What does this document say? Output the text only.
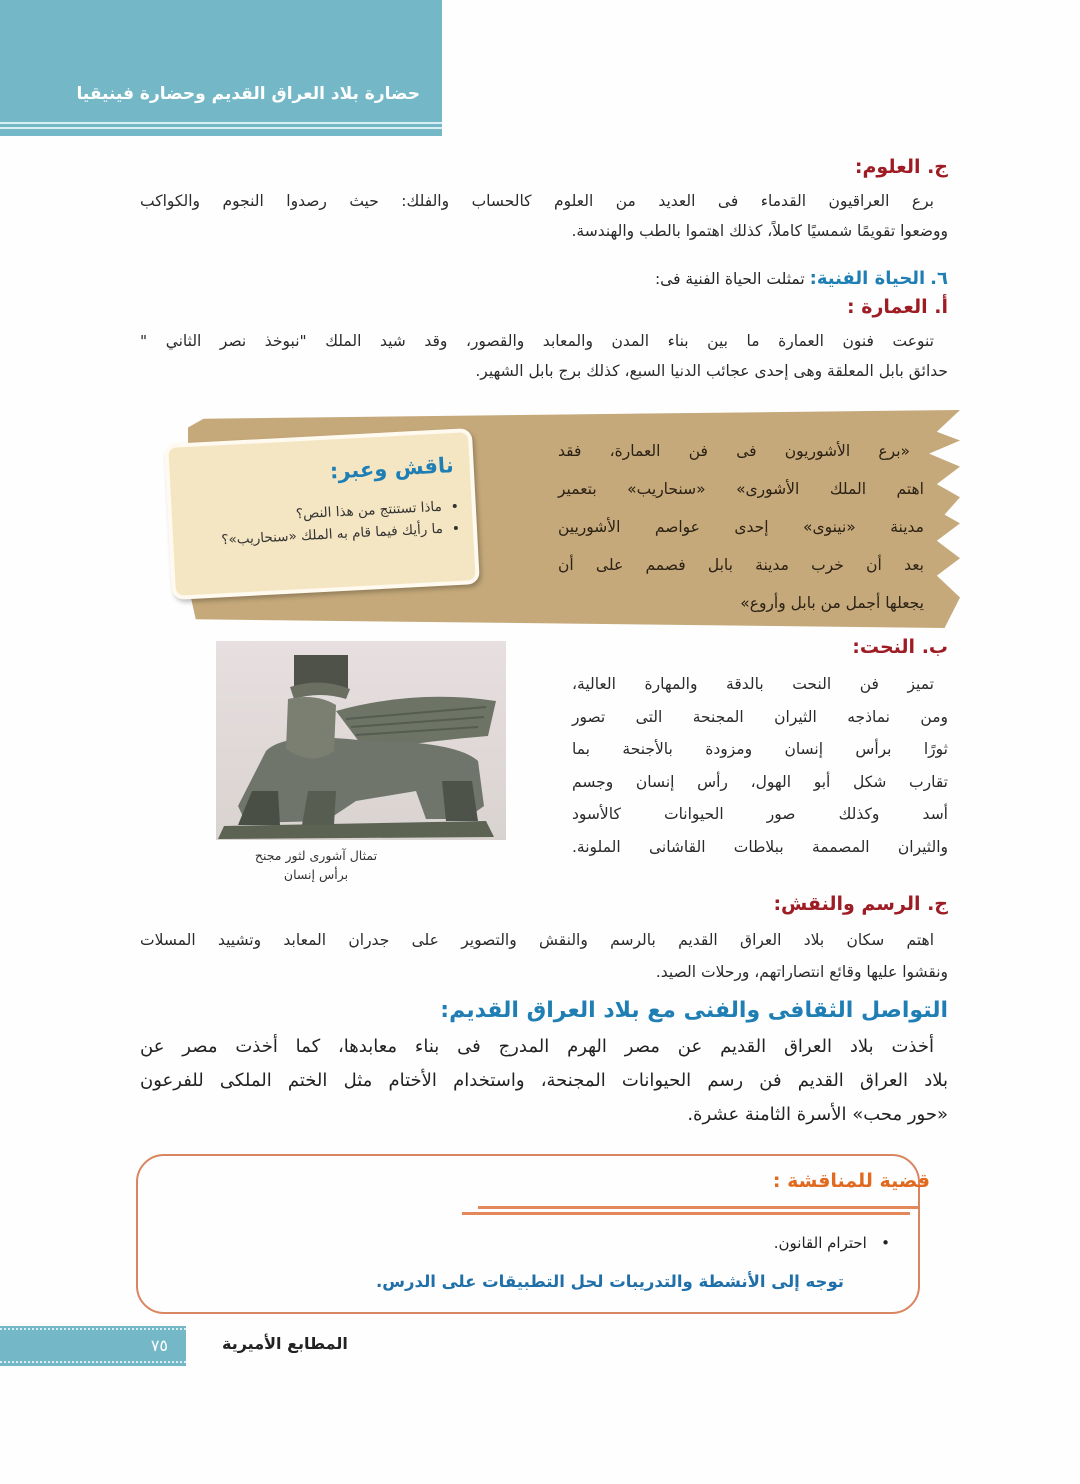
حضارة بلاد العراق القديم وحضارة فينيقيا
ج. العلوم:
برع العراقيون القدماء فى العديد من العلوم كالحساب والفلك: حيث رصدوا النجوم والكواكب
ووضعوا تقويمًا شمسيًا كاملاً، كذلك اهتموا بالطب والهندسة.
٦. الحياة الفنية: تمثلت الحياة الفنية فى:
أ. العمارة :
تنوعت فنون العمارة ما بين بناء المدن والمعابد والقصور، وقد شيد الملك "نبوخذ نصر الثاني "
حدائق بابل المعلقة وهى إحدى عجائب الدنيا السبع، كذلك برج بابل الشهير.
«برع الأشوريون فى فن العمارة، فقد
اهتم الملك الأشورى» «سنحاريب» بتعمير
مدينة «نينوى» إحدى عواصم الأشوريين
بعد أن خرب مدينة بابل فصمم على أن
يجعلها أجمل من بابل وأروع»
ناقش وعبر:
• ماذا تستنتج من هذا النص؟
• ما رأيك فيما قام به الملك «سنحاريب»؟
ب. النحت:
تميز فن النحت بالدقة والمهارة العالية،
ومن نماذجه الثيران المجنحة التى تصور
ثورًا برأس إنسان ومزودة بالأجنحة بما
تقارب شكل أبو الهول، رأس إنسان وجسم
أسد وكذلك صور الحيوانات كالأسود
والثيران المصممة ببلاطات القاشانى الملونة.
تمثال آشورى لثور مجنح
برأس إنسان
ج. الرسم والنقش:
اهتم سكان بلاد العراق القديم بالرسم والنقش والتصوير على جدران المعابد وتشييد المسلات
ونقشوا عليها وقائع انتصاراتهم، ورحلات الصيد.
التواصل الثقافى والفنى مع بلاد العراق القديم:
أخذت بلاد العراق القديم عن مصر الهرم المدرج فى بناء معابدها، كما أخذت مصر عن
بلاد العراق القديم فن رسم الحيوانات المجنحة، واستخدام الأختام مثل الختم الملكى للفرعون
«حور محب» الأسرة الثامنة عشرة.
قضية للمناقشة :
•   احترام القانون.
توجه إلى الأنشطة والتدريبات لحل التطبيقات على الدرس.
٧٥	المطابع الأميرية
